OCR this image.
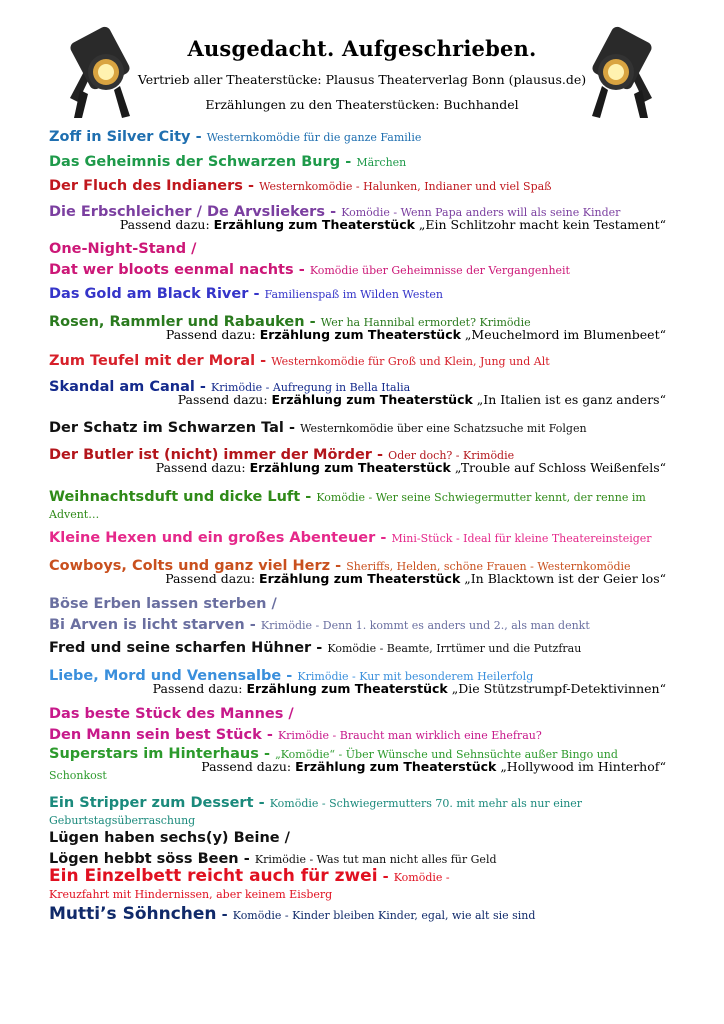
Ausgedacht. Aufgeschrieben.
Vertrieb aller Theaterstücke: Plausus Theaterverlag Bonn (plausus.de)
Erzählungen zu den Theaterstücken: Buchhandel
Zoff in Silver City - Westernkomödie für die ganze Familie
Das Geheimnis der Schwarzen Burg - Märchen
Der Fluch des Indianers - Westernkomödie - Halunken, Indianer und viel Spaß
Die Erbschleicher / De Arvsliekers - Komödie - Wenn Papa anders will als seine Kinder
Passend dazu: Erzählung zum Theaterstück „Ein Schlitzohr macht kein Testament“
One-Night-Stand /
Dat wer bloots eenmal nachts - Komödie über Geheimnisse der Vergangenheit
Das Gold am Black River - Familienspaß im Wilden Westen
Rosen, Rammler und Rabauken - Wer ha Hannibal ermordet? Krimödie
Passend dazu: Erzählung zum Theaterstück „Meuchelmord im Blumenbeet“
Zum Teufel mit der Moral - Westernkomödie für Groß und Klein, Jung und Alt
Skandal am Canal - Krimödie - Aufregung in Bella Italia
Passend dazu: Erzählung zum Theaterstück „In Italien ist es ganz anders“
Der Schatz im Schwarzen Tal - Westernkomödie über eine Schatzsuche mit Folgen
Der Butler ist (nicht) immer der Mörder - Oder doch? - Krimödie
Passend dazu: Erzählung zum Theaterstück „Trouble auf Schloss Weißenfels“
Weihnachtsduft und dicke Luft - Komödie - Wer seine Schwiegermutter kennt, der renne im
Advent…
Kleine Hexen und ein großes Abenteuer - Mini-Stück - Ideal für kleine Theatereinsteiger
Cowboys, Colts und ganz viel Herz - Sheriffs, Helden, schöne Frauen - Westernkomödie
Passend dazu: Erzählung zum Theaterstück „In Blacktown ist der Geier los“
Böse Erben lassen sterben /
Bi Arven is licht starven - Krimödie - Denn 1. kommt es anders und 2., als man denkt
Fred und seine scharfen Hühner - Komödie - Beamte, Irrtümer und die Putzfrau
Liebe, Mord und Venensalbe - Krimödie - Kur mit besonderem Heilerfolg
Passend dazu: Erzählung zum Theaterstück „Die Stützstrumpf-Detektivinnen“
Das beste Stück des Mannes /
Den Mann sein best Stück - Krimödie - Braucht man wirklich eine Ehefrau?
Superstars im Hinterhaus - „Komödie“ - Über Wünsche und Sehnsüchte außer Bingo und Schonkost
Passend dazu: Erzählung zum Theaterstück „Hollywood im Hinterhof“
Ein Stripper zum Dessert - Komödie - Schwiegermutters 70. mit mehr als nur einer
Geburtstagsüberraschung
Lügen haben sechs(y) Beine /
Lögen hebbt söss Been - Krimödie - Was tut man nicht alles für Geld
Ein Einzelbett reicht auch für zwei - Komödie -
Kreuzfahrt mit Hindernissen, aber keinem Eisberg
Mutti’s Söhnchen - Komödie - Kinder bleiben Kinder, egal, wie alt sie sind
